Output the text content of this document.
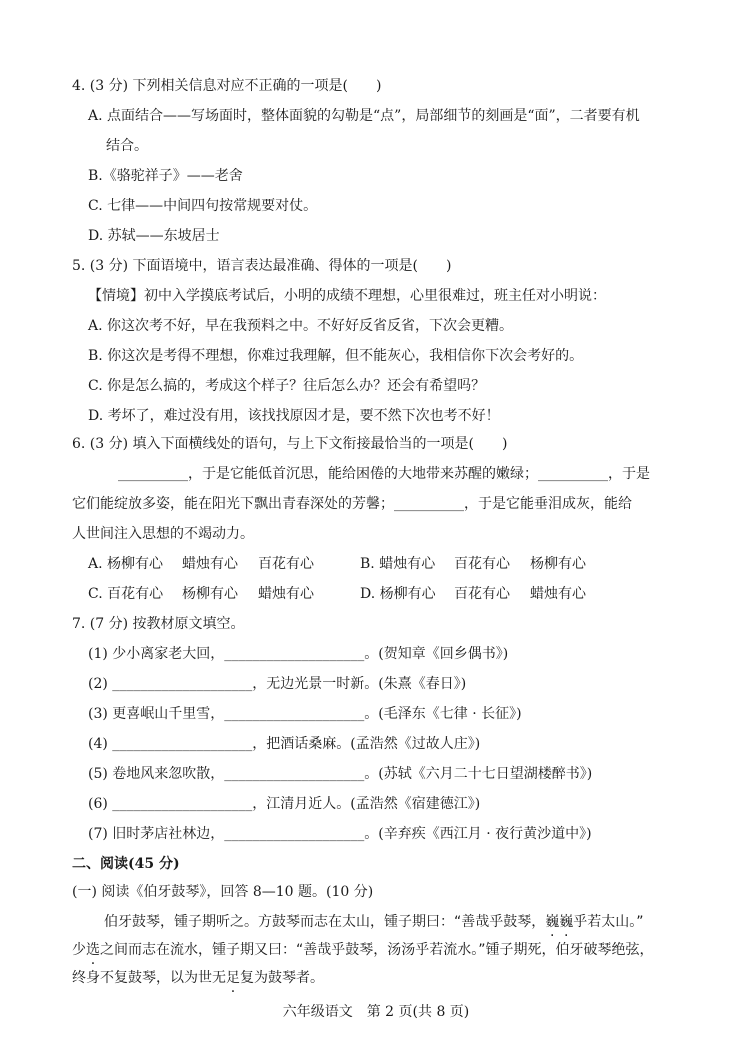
4. (3 分) 下列相关信息对应不正确的一项是(　　)
A. 点面结合——写场面时，整体面貌的勾勒是“点”，局部细节的刻画是“面”，二者要有机
结合。
B.《骆驼祥子》——老舍
C. 七律——中间四句按常规要对仗。
D. 苏轼——东坡居士
5. (3 分) 下面语境中，语言表达最准确、得体的一项是(　　)
【情境】初中入学摸底考试后，小明的成绩不理想，心里很难过，班主任对小明说：
A. 你这次考不好，早在我预料之中。不好好反省反省，下次会更糟。
B. 你这次是考得不理想，你难过我理解，但不能灰心，我相信你下次会考好的。
C. 你是怎么搞的，考成这个样子？往后怎么办？还会有希望吗？
D. 考坏了，难过没有用，该找找原因才是，要不然下次也考不好！
6. (3 分) 填入下面横线处的语句，与上下文衔接最恰当的一项是(　　)
__________，于是它能低首沉思，能给困倦的大地带来苏醒的嫩绿；__________，于是
它们能绽放多姿，能在阳光下飘出青春深处的芳馨；__________，于是它能垂泪成灰，能给
人世间注入思想的不竭动力。
A. 杨柳有心 蜡烛有心 百花有心	B. 蜡烛有心 百花有心 杨柳有心
C. 百花有心 杨柳有心 蜡烛有心	D. 杨柳有心 百花有心 蜡烛有心
7. (7 分) 按教材原文填空。
(1) 少小离家老大回，____________________。(贺知章《回乡偶书》)
(2) ____________________，无边光景一时新。(朱熹《春日》)
(3) 更喜岷山千里雪，____________________。(毛泽东《七律 · 长征》)
(4) ____________________，把酒话桑麻。(孟浩然《过故人庄》)
(5) 卷地风来忽吹散，____________________。(苏轼《六月二十七日望湖楼醉书》)
(6) ____________________，江清月近人。(孟浩然《宿建德江》)
(7) 旧时茅店社林边，____________________。(辛弃疾《西江月 · 夜行黄沙道中》)
二、阅读(45 分)
(一) 阅读《伯牙鼓琴》，回答 8—10 题。(10 分)
伯牙鼓琴，锺子期听之。方鼓琴而志在太山，锺子期曰：“善哉乎鼓琴，巍巍乎若太山。”
少选之间而志在流水，锺子期又曰：“善哉乎鼓琴，汤汤乎若流水。”锺子期死，伯牙破琴绝弦，
终身不复鼓琴，以为世无足复为鼓琴者。
六年级语文　第 2 页(共 8 页)
